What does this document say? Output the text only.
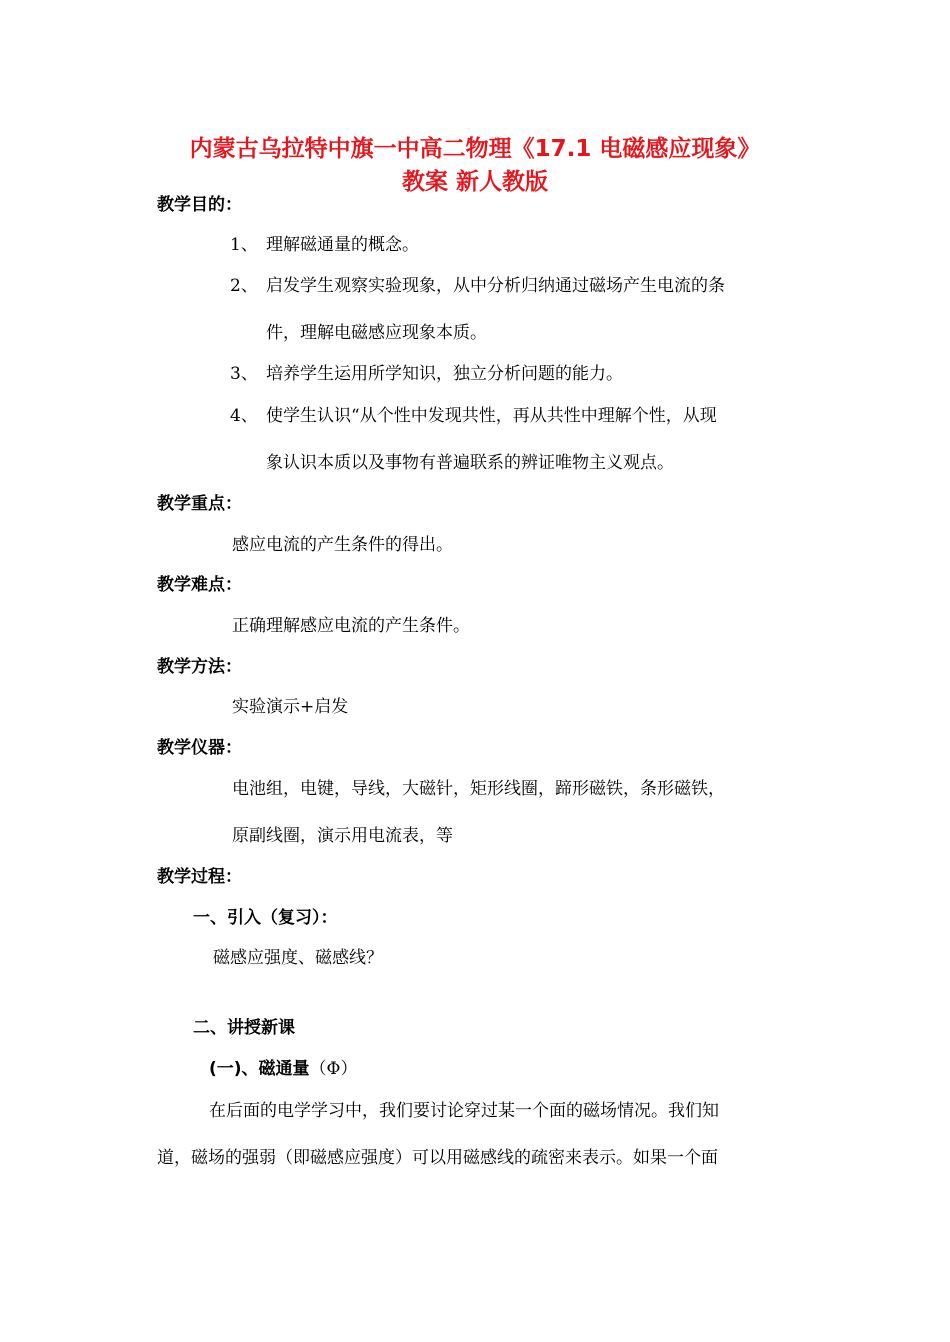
内蒙古乌拉特中旗一中高二物理《17.1 电磁感应现象》
教案 新人教版
教学目的：
1、 理解磁通量的概念。
2、 启发学生观察实验现象，从中分析归纳通过磁场产生电流的条
件，理解电磁感应现象本质。
3、 培养学生运用所学知识，独立分析问题的能力。
4、 使学生认识“从个性中发现共性，再从共性中理解个性，从现
象认识本质以及事物有普遍联系的辨证唯物主义观点。
教学重点：
感应电流的产生条件的得出。
教学难点：
正确理解感应电流的产生条件。
教学方法：
实验演示+启发
教学仪器：
电池组，电键，导线，大磁针，矩形线圈，蹄形磁铁，条形磁铁，
原副线圈，演示用电流表，等
教学过程：
一、引入（复习）：
磁感应强度、磁感线？
二、讲授新课
(一)、磁通量（Φ）
在后面的电学学习中，我们要讨论穿过某一个面的磁场情况。我们知
道，磁场的强弱（即磁感应强度）可以用磁感线的疏密来表示。如果一个面
